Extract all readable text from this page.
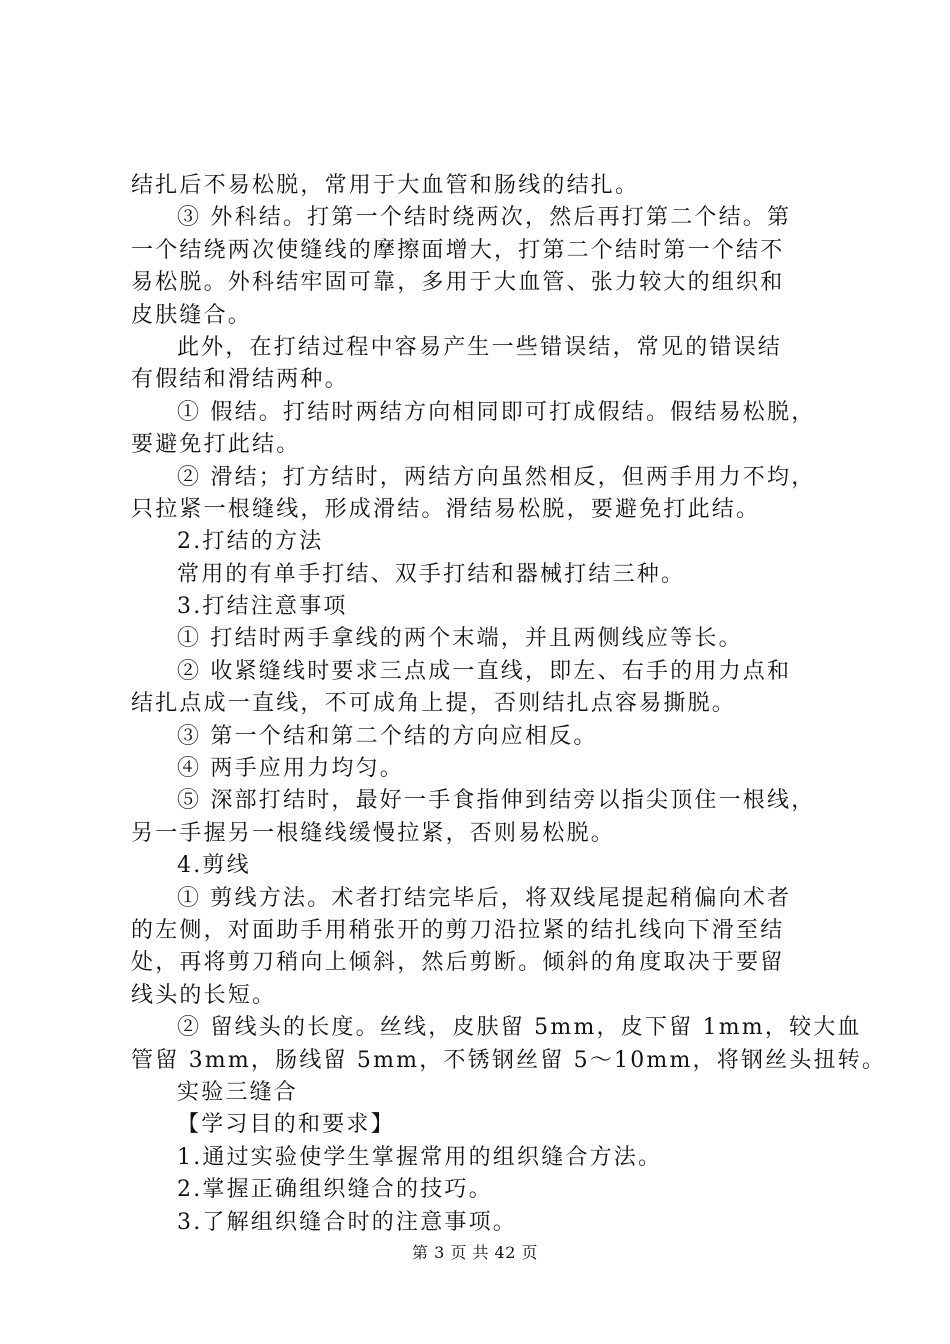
结扎后不易松脱，常用于大血管和肠线的结扎。
③ 外科结。打第一个结时绕两次，然后再打第二个结。第
一个结绕两次使缝线的摩擦面增大，打第二个结时第一个结不
易松脱。外科结牢固可靠，多用于大血管、张力较大的组织和
皮肤缝合。
此外，在打结过程中容易产生一些错误结，常见的错误结
有假结和滑结两种。
① 假结。打结时两结方向相同即可打成假结。假结易松脱，
要避免打此结。
② 滑结；打方结时，两结方向虽然相反，但两手用力不均，
只拉紧一根缝线，形成滑结。滑结易松脱，要避免打此结。
2.打结的方法
常用的有单手打结、双手打结和器械打结三种。
3.打结注意事项
① 打结时两手拿线的两个末端，并且两侧线应等长。
② 收紧缝线时要求三点成一直线，即左、右手的用力点和
结扎点成一直线，不可成角上提，否则结扎点容易撕脱。
③ 第一个结和第二个结的方向应相反。
④ 两手应用力均匀。
⑤ 深部打结时，最好一手食指伸到结旁以指尖顶住一根线，
另一手握另一根缝线缓慢拉紧，否则易松脱。
4.剪线
① 剪线方法。术者打结完毕后，将双线尾提起稍偏向术者
的左侧，对面助手用稍张开的剪刀沿拉紧的结扎线向下滑至结
处，再将剪刀稍向上倾斜，然后剪断。倾斜的角度取决于要留
线头的长短。
② 留线头的长度。丝线，皮肤留 5mm，皮下留 1mm，较大血
管留 3mm，肠线留 5mm，不锈钢丝留 5～10mm，将钢丝头扭转。
实验三缝合
【学习目的和要求】
1.通过实验使学生掌握常用的组织缝合方法。
2.掌握正确组织缝合的技巧。
3.了解组织缝合时的注意事项。
第 3 页 共 42 页
